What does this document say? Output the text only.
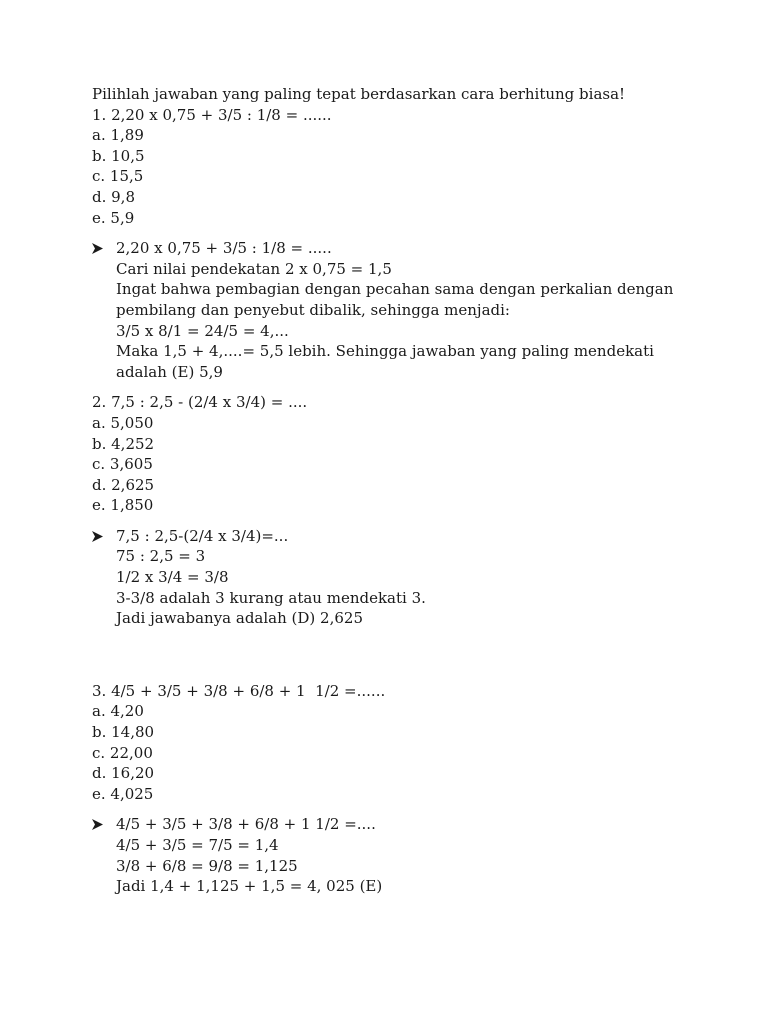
Pilihlah jawaban yang paling tepat berdasarkan cara berhitung biasa!
1. 2,20 x 0,75 + 3/5 : 1/8 = ......
a. 1,89
b. 10,5
c. 15,5
d. 9,8
e. 5,9
2,20 x 0,75 + 3/5 : 1/8 = .....
Cari nilai pendekatan 2 x 0,75 = 1,5
Ingat bahwa pembagian dengan pecahan sama dengan perkalian dengan
pembilang dan penyebut dibalik, sehingga menjadi:
3/5 x 8/1 = 24/5 = 4,...
Maka 1,5 + 4,....= 5,5 lebih. Sehingga jawaban yang paling mendekati
adalah (E) 5,9
2. 7,5 : 2,5 - (2/4 x 3/4) = ....
a. 5,050
b. 4,252
c. 3,605
d. 2,625
e. 1,850
7,5 : 2,5-(2/4 x 3/4)=...
75 : 2,5 = 3
1/2 x 3/4 = 3/8
3-3/8 adalah 3 kurang atau mendekati 3.
Jadi jawabanya adalah (D) 2,625
3. 4/5 + 3/5 + 3/8 + 6/8 + 1  1/2 =......
a. 4,20
b. 14,80
c. 22,00
d. 16,20
e. 4,025
4/5 + 3/5 + 3/8 + 6/8 + 1 1/2 =....
4/5 + 3/5 = 7/5 = 1,4
3/8 + 6/8 = 9/8 = 1,125
Jadi 1,4 + 1,125 + 1,5 = 4, 025 (E)
